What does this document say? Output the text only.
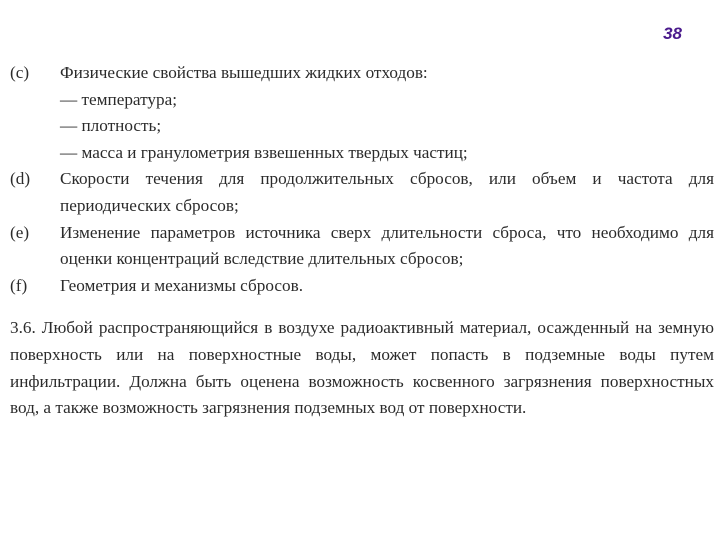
38
(c)	Физические свойства вышедших жидких отходов:
— температура;
— плотность;
— масса и гранулометрия взвешенных твердых частиц;
(d)	Скорости течения для продолжительных сбросов, или объем и частота для периодических сбросов;
(e)	Изменение параметров источника сверх длительности сброса, что необходимо для оценки концентраций вследствие длительных сбросов;
(f)	Геометрия и механизмы сбросов.
3.6. Любой распространяющийся в воздухе радиоактивный материал, осажденный на земную поверхность или на поверхностные воды, может попасть в подземные воды путем инфильтрации. Должна быть оценена возможность косвенного загрязнения поверхностных вод, а также возможность загрязнения подземных вод от поверхности.
